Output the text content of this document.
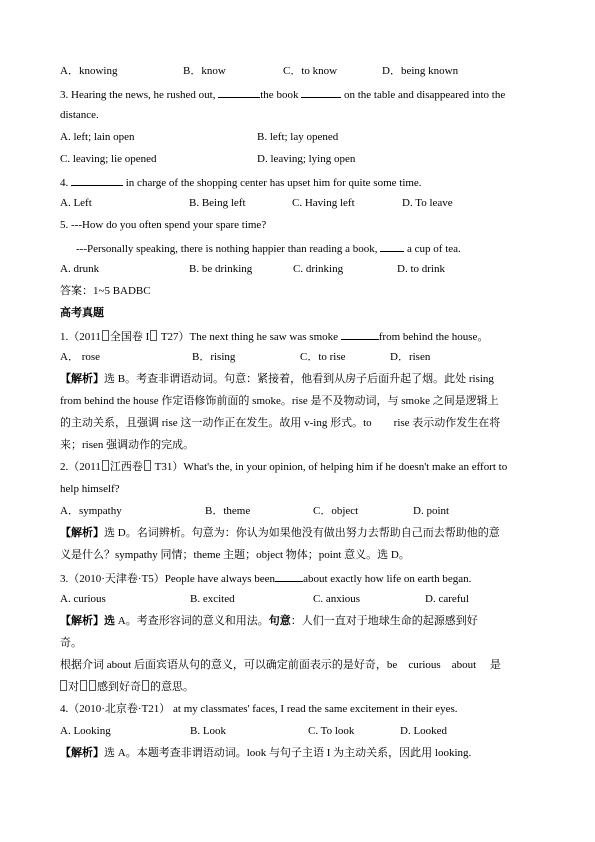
A．knowing	B．know	C．to know	D．being known
3. Hearing the news, he rushed out,	the book	on the table and disappeared into the
distance.
A. left; lain open	B. left; lay opened
C. leaving; lie opened	D. leaving; lying open
4.	in charge of the shopping center has upset him for quite some time.
A. Left	B. Being left	C. Having left	D. To leave
5. ---How do you often spend your spare time?
---Personally speaking, there is nothing happier than reading a book,  a cup of tea.
A. drunk	B. be drinking	C. drinking	D. to drink
答案：1~5 BADBC
高考真题
1.（2011 全国卷 I T27）The next thing he saw was smoke	from behind the house。
A． rose	B．rising	C．to rise	D．risen
【解析】选 B。考查非谓语动词。句意：紧接着，他看到从房子后面升起了烟。此处 rising
from behind the house 作定语修饰前面的 smoke。rise 是不及物动词，与 smoke 之间是逻辑上
的主动关系，且强调 rise 这一动作正在发生。故用 v-ing 形式。to　　rise 表示动作发生在将
来；risen 强调动作的完成。
2.（2011 江西卷 T31）What's the, in your opinion, of helping him if he doesn't make an effort to
help himself?
A．sympathy	B．theme	C．object	D. point
【解析】选 D。名词辨析。句意为：你认为如果他没有做出努力去帮助自己而去帮助他的意
义是什么？sympathy 同情；theme 主题；object 物体；point 意义。选 D。
3.（2010·天津卷·T5）People have always been	about exactly how life on earth began.
A. curious	B. excited	C. anxious	D. careful
【解析】选 A。考查形容词的意义和用法。句意：人们一直对于地球生命的起源感到好
奇。
根据介词 about 后面宾语从句的意义，可以确定前面表示的是好奇，be　curious　about　 是
对 感到好奇 的意思。
4.（2010·北京卷·T21） at my classmates' faces, I read the same excitement in their eyes.
A. Looking	B. Look	C. To look	D. Looked
【解析】选 A。本题考查非谓语动词。look 与句子主语 I 为主动关系，因此用 looking.
